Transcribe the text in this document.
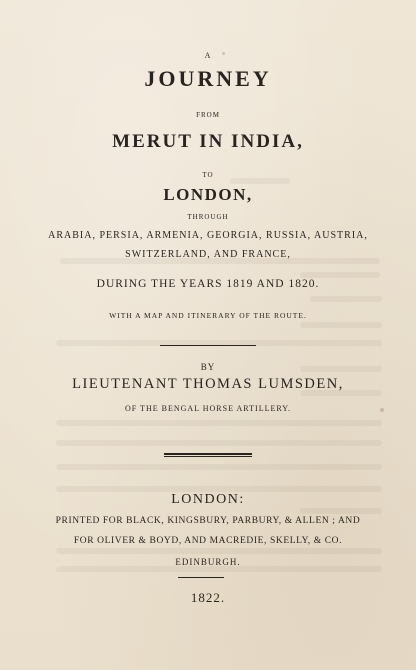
A
JOURNEY
FROM
MERUT IN INDIA,
TO
LONDON,
THROUGH
ARABIA, PERSIA, ARMENIA, GEORGIA, RUSSIA, AUSTRIA,
SWITZERLAND, AND FRANCE,
DURING THE YEARS 1819 AND 1820.
WITH A MAP AND ITINERARY OF THE ROUTE.
BY
LIEUTENANT THOMAS LUMSDEN,
OF THE BENGAL HORSE ARTILLERY.
LONDON:
PRINTED FOR BLACK, KINGSBURY, PARBURY, & ALLEN ; AND
FOR OLIVER & BOYD, AND MACREDIE, SKELLY, & CO.
EDINBURGH.
1822.
